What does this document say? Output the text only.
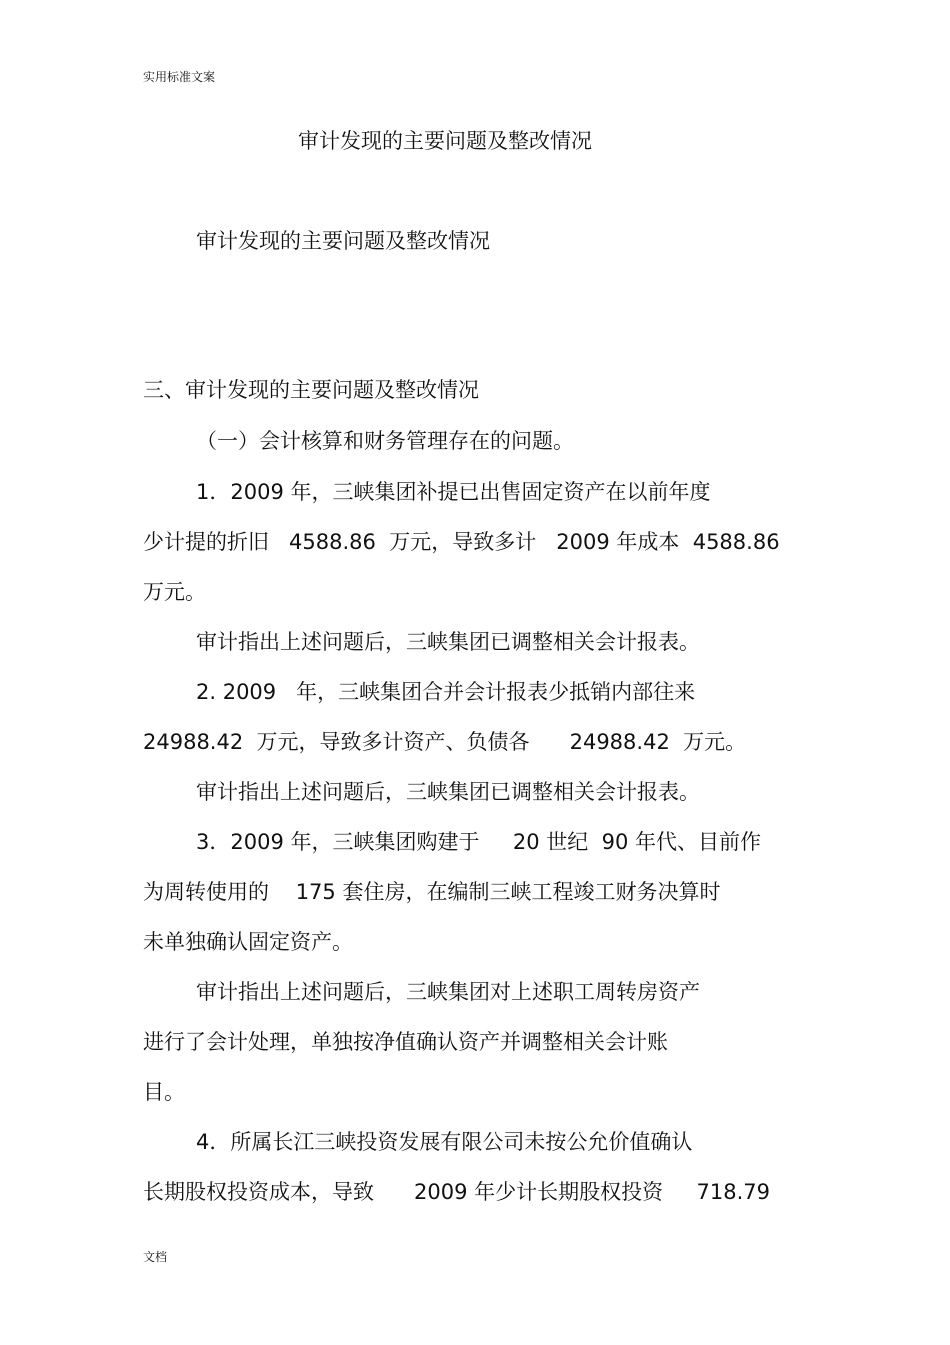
实用标准文案
审计发现的主要问题及整改情况
审计发现的主要问题及整改情况
三、审计发现的主要问题及整改情况
（一）会计核算和财务管理存在的问题。
1．2009 年，三峡集团补提已出售固定资产在以前年度
少计提的折旧   4588.86  万元，导致多计   2009 年成本  4588.86
万元。
审计指出上述问题后，三峡集团已调整相关会计报表。
2. 2009   年，三峡集团合并会计报表少抵销内部往来
24988.42  万元，导致多计资产、负债各      24988.42  万元。
审计指出上述问题后，三峡集团已调整相关会计报表。
3．2009 年，三峡集团购建于     20 世纪  90 年代、目前作
为周转使用的    175 套住房，在编制三峡工程竣工财务决算时
未单独确认固定资产。
审计指出上述问题后，三峡集团对上述职工周转房资产
进行了会计处理，单独按净值确认资产并调整相关会计账
目。
4．所属长江三峡投资发展有限公司未按公允价值确认
长期股权投资成本，导致      2009 年少计长期股权投资     718.79
文档
